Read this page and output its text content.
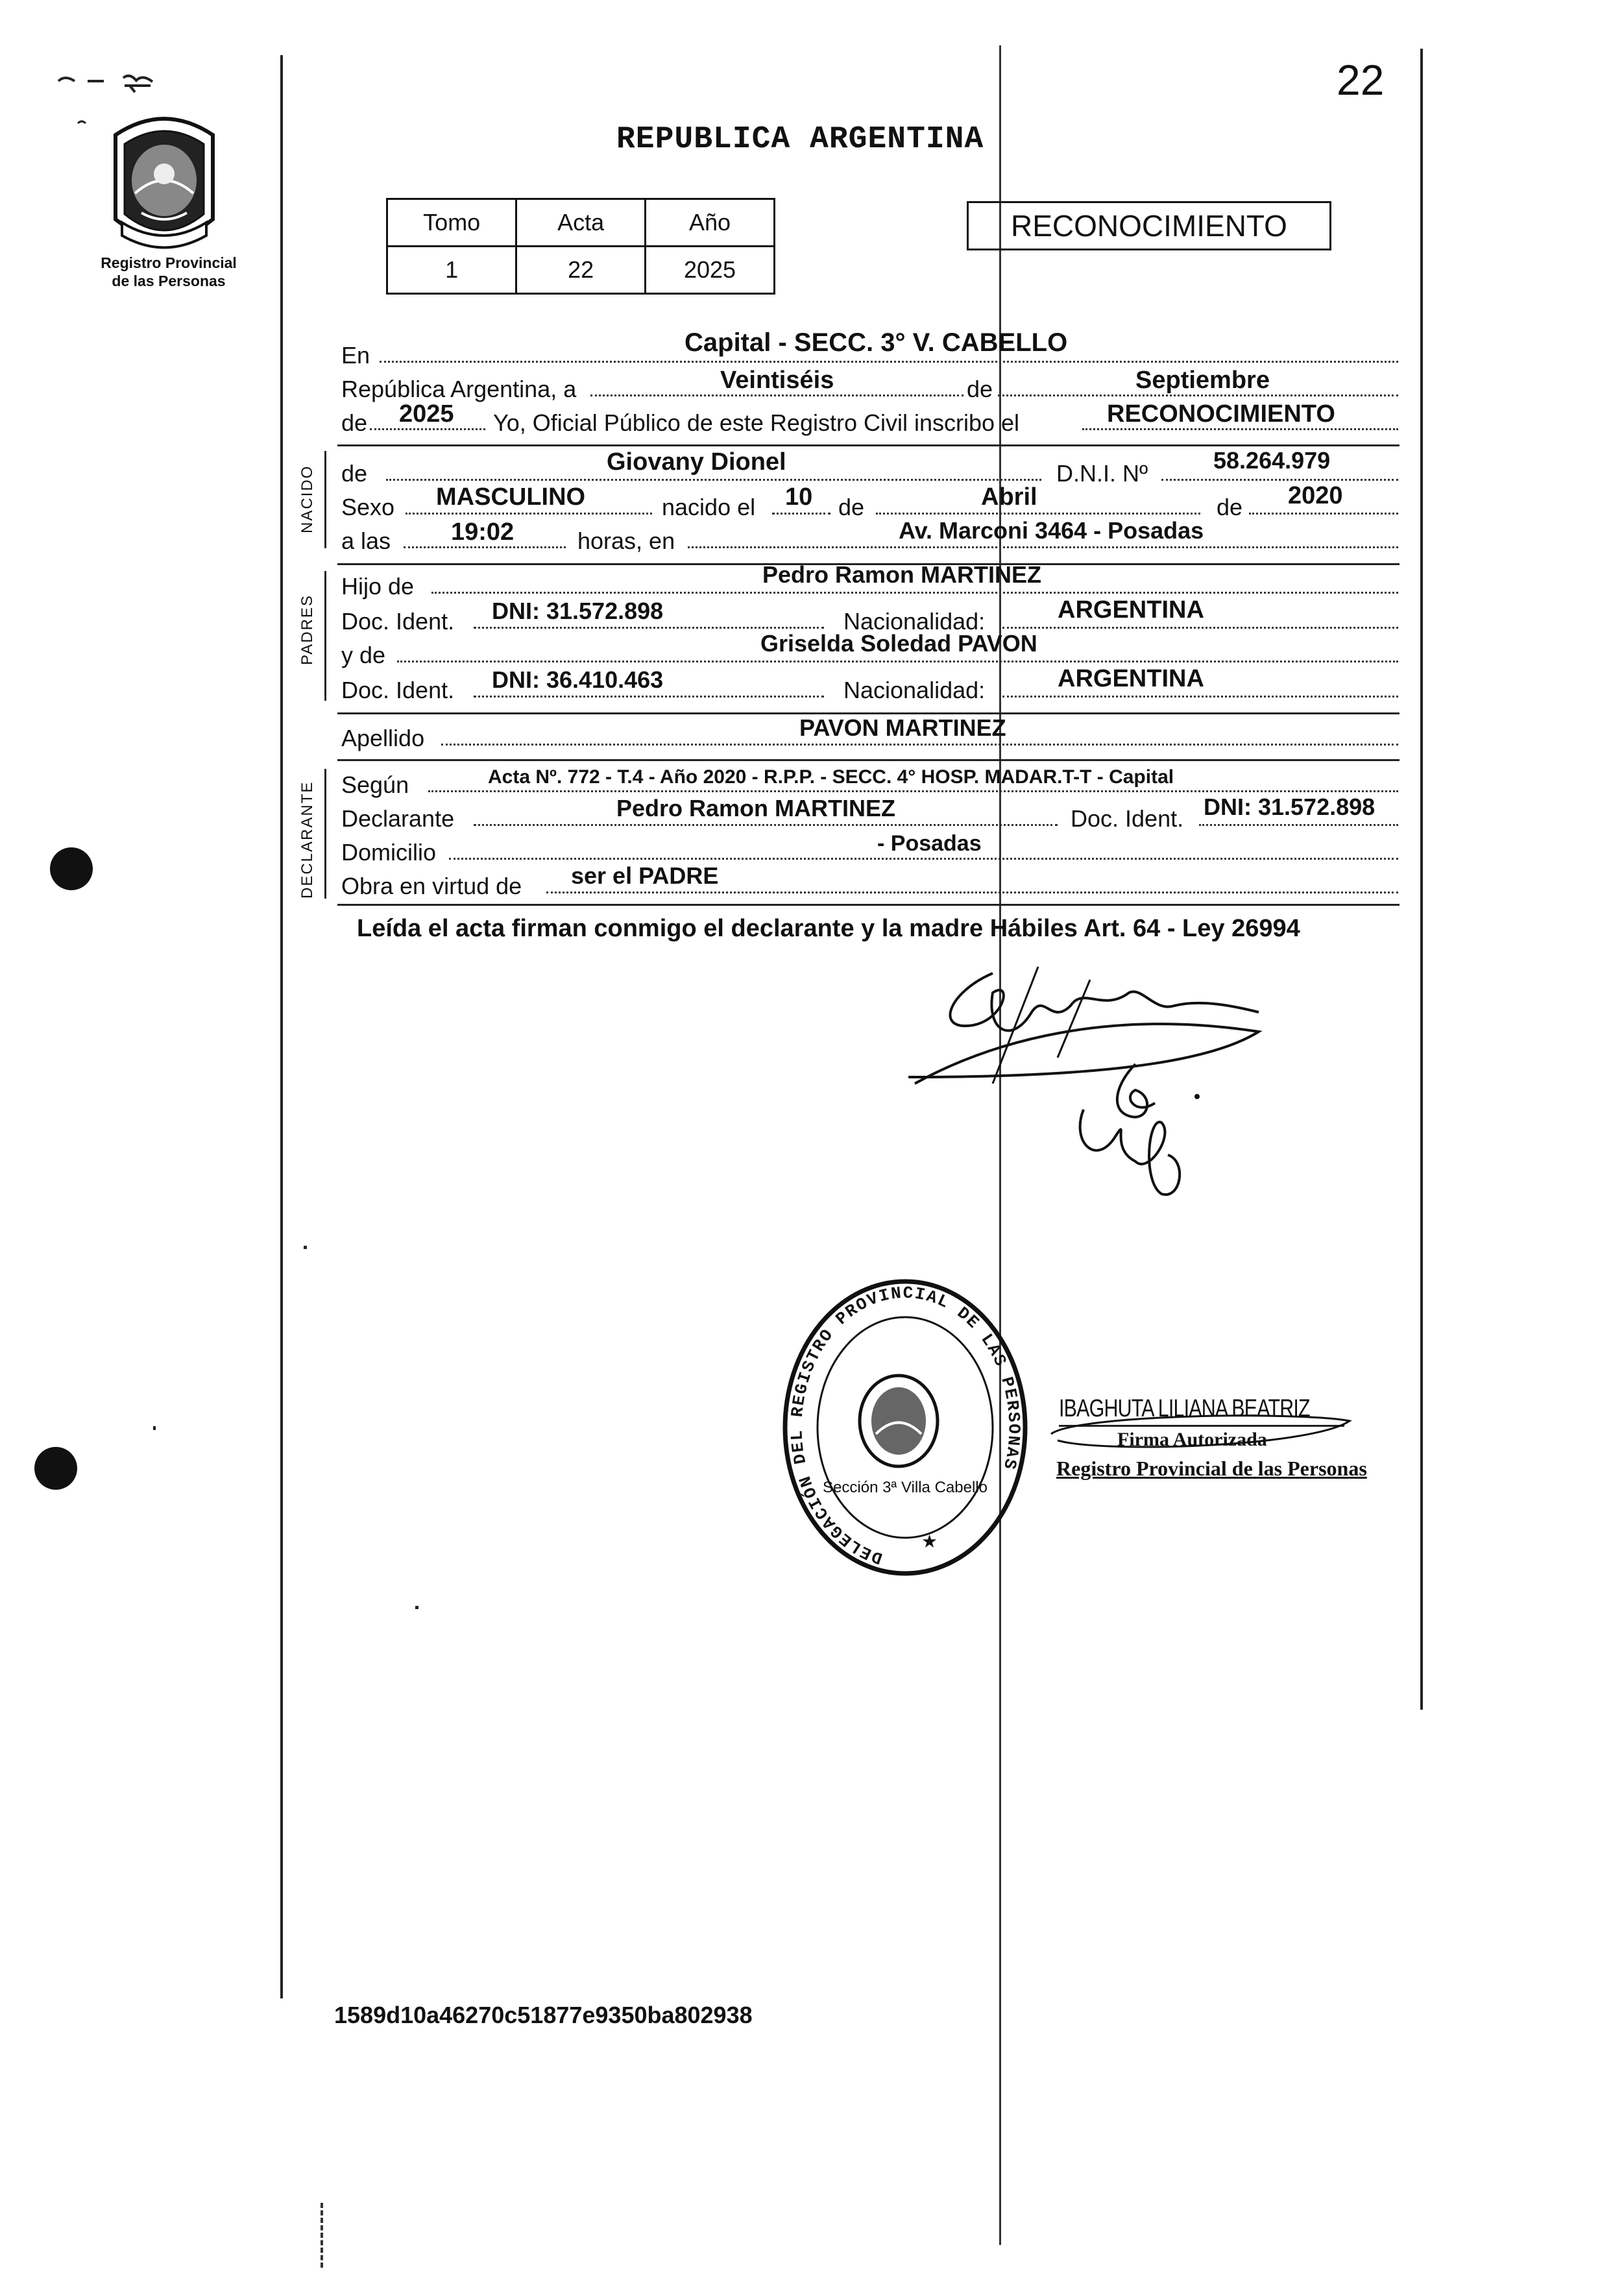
22
Registro Provincial
de las Personas
REPUBLICA ARGENTINA
Tomo	Acta	Año
1	22	2025
RECONOCIMIENTO
En	Capital - SECC. 3° V. CABELLO
República Argentina, a	Veintiséis	de	Septiembre
de 2025 Yo, Oficial Público de este Registro Civil inscribo el	RECONOCIMIENTO
NACIDO de	Giovany Dionel	D.N.I. Nº	58.264.979
Sexo MASCULINO	nacido el 10 de	Abril	de 2020
a las 19:02	horas, en	Av. Marconi 3464 - Posadas
PADRES
Hijo de	Pedro Ramon MARTINEZ
Doc. Ident. DNI: 31.572.898	Nacionalidad:	ARGENTINA
y de	Griselda Soledad PAVON
Doc. Ident. DNI: 36.410.463	Nacionalidad:	ARGENTINA
Apellido	PAVON MARTINEZ
DECLARANTE Según	Acta Nº. 772 - T.4 - Año 2020 - R.P.P. - SECC. 4° HOSP. MADAR.T-T - Capital
Declarante	Pedro Ramon MARTINEZ	Doc. Ident. DNI: 31.572.898
Domicilio	- Posadas
Obra en virtud de ser el PADRE
Leída el acta firman conmigo el declarante y la madre Hábiles Art. 64 - Ley 26994
DELEGACIÓN DEL REGISTRO PROVINCIAL DE LAS PERSONAS
Sección 3ª Villa Cabello
★
IBAGHUTA LILIANA BEATRIZ
Firma Autorizada
Registro Provincial de las Personas
1589d10a46270c51877e9350ba802938
